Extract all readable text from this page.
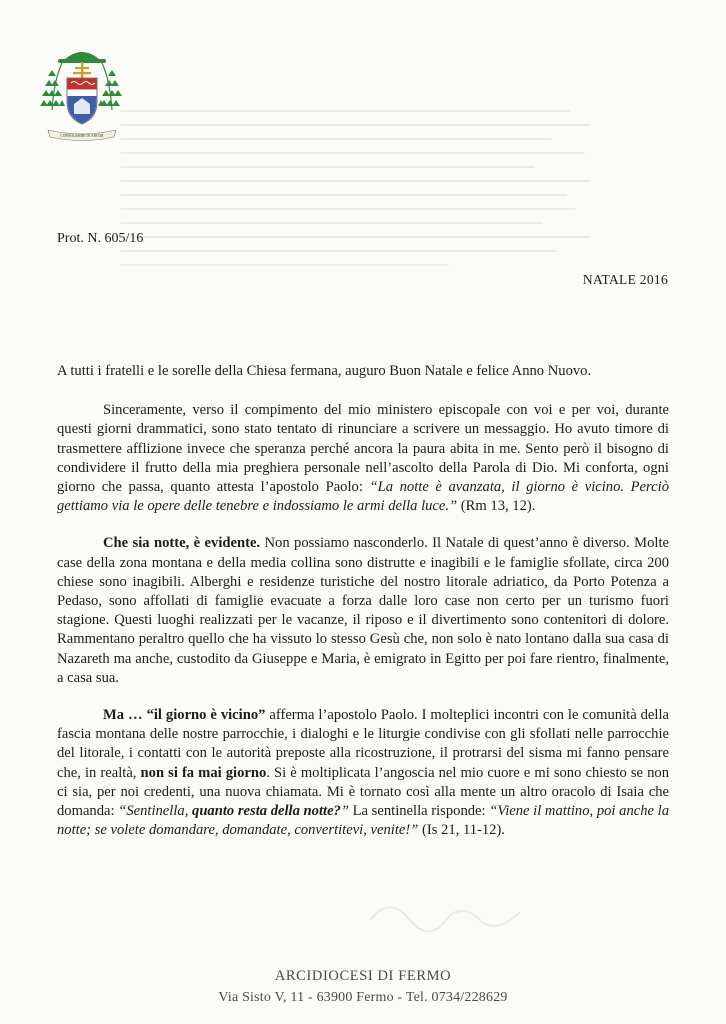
CONSOLAMINI IN ANCOR
Prot. N. 605/16
NATALE 2016

A tutti i fratelli e le sorelle della Chiesa fermana, auguro Buon Natale e felice Anno Nuovo.

Sinceramente, verso il compimento del mio ministero episcopale con voi e per voi, durante questi giorni drammatici, sono stato tentato di rinunciare a scrivere un messaggio. Ho avuto timore di trasmettere afflizione invece che speranza perché ancora la paura abita in me. Sento però il bisogno di condividere il frutto della mia preghiera personale nell’ascolto della Parola di Dio. Mi conforta, ogni giorno che passa, quanto attesta l’apostolo Paolo: “La notte è avanzata, il giorno è vicino. Perciò gettiamo via le opere delle tenebre e indossiamo le armi della luce.” (Rm 13, 12).

Che sia notte, è evidente. Non possiamo nasconderlo. Il Natale di quest’anno è diverso. Molte case della zona montana e della media collina sono distrutte e inagibili e le famiglie sfollate, circa 200 chiese sono inagibili. Alberghi e residenze turistiche del nostro litorale adriatico, da Porto Potenza a Pedaso, sono affollati di famiglie evacuate a forza dalle loro case non certo per un turismo fuori stagione. Questi luoghi realizzati per le vacanze, il riposo e il divertimento sono contenitori di dolore. Rammentano peraltro quello che ha vissuto lo stesso Gesù che, non solo è nato lontano dalla sua casa di Nazareth ma anche, custodito da Giuseppe e Maria, è emigrato in Egitto per poi fare rientro, finalmente, a casa sua.

Ma … “il giorno è vicino” afferma l’apostolo Paolo. I molteplici incontri con le comunità della fascia montana delle nostre parrocchie, i dialoghi e le liturgie condivise con gli sfollati nelle parrocchie del litorale, i contatti con le autorità preposte alla ricostruzione, il protrarsi del sisma mi fanno pensare che, in realtà, non si fa mai giorno. Si è moltiplicata l’angoscia nel mio cuore e mi sono chiesto se non ci sia, per noi credenti, una nuova chiamata. Mi è tornato così alla mente un altro oracolo di Isaia che domanda: “Sentinella, quanto resta della notte?” La sentinella risponde: “Viene il mattino, poi anche la notte; se volete domandare, domandate, convertitevi, venite!” (Is 21, 11-12).

ARCIDIOCESI DI FERMO
Via Sisto V, 11 - 63900 Fermo - Tel. 0734/228629
